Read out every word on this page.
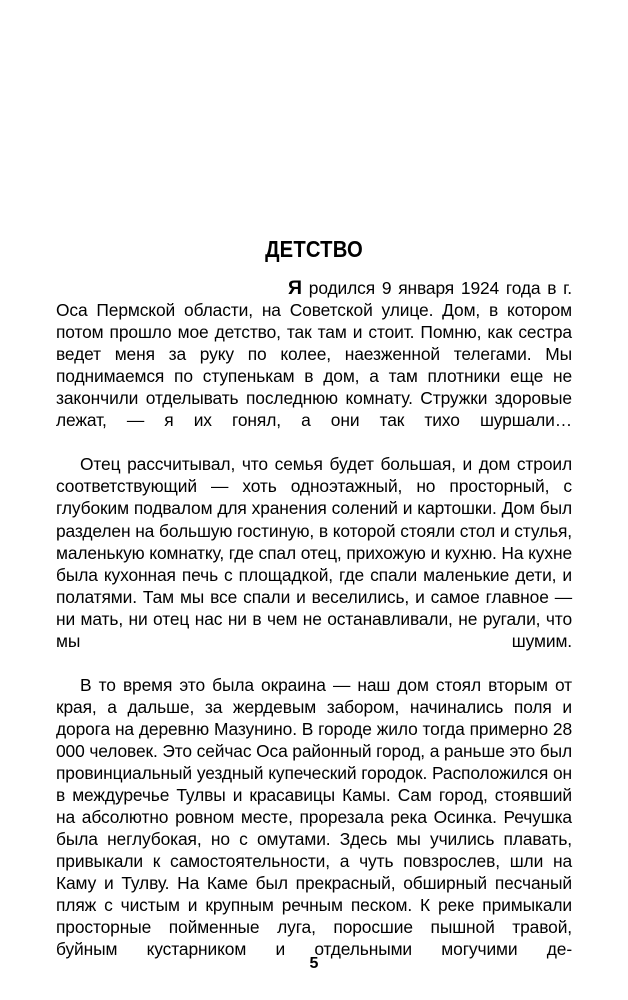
ДЕТСТВО

Я родился 9 января 1924 года в г. Оса Пермской области, на Советской улице. Дом, в котором потом прошло мое детство, так там и стоит. Помню, как сестра ведет меня за руку по колее, наезженной телегами. Мы поднимаемся по ступенькам в дом, а там плотники еще не закончили отделывать последнюю комнату. Стружки здоровые лежат, — я их гонял, а они так тихо шуршали…

Отец рассчитывал, что семья будет большая, и дом строил соответствующий — хоть одноэтажный, но просторный, с глубоким подвалом для хранения солений и картошки. Дом был разделен на большую гостиную, в которой стояли стол и стулья, маленькую комнатку, где спал отец, прихожую и кухню. На кухне была кухонная печь с площадкой, где спали маленькие дети, и полатями. Там мы все спали и веселились, и самое главное — ни мать, ни отец нас ни в чем не останавливали, не ругали, что мы шумим.

В то время это была окраина — наш дом стоял вторым от края, а дальше, за жердевым забором, начинались поля и дорога на деревню Мазунино. В городе жило тогда примерно 28 000 человек. Это сейчас Оса районный город, а раньше это был провинциальный уездный купеческий городок. Расположился он в междуречье Тулвы и красавицы Камы. Сам город, стоявший на абсолютно ровном месте, прорезала река Осинка. Речушка была неглубокая, но с омутами. Здесь мы учились плавать, привыкали к самостоятельности, а чуть повзрослев, шли на Каму и Тулву. На Каме был прекрасный, обширный песчаный пляж с чистым и крупным речным песком. К реке примыкали просторные пойменные луга, поросшие пышной травой, буйным кустарником и отдельными могучими де-

5
